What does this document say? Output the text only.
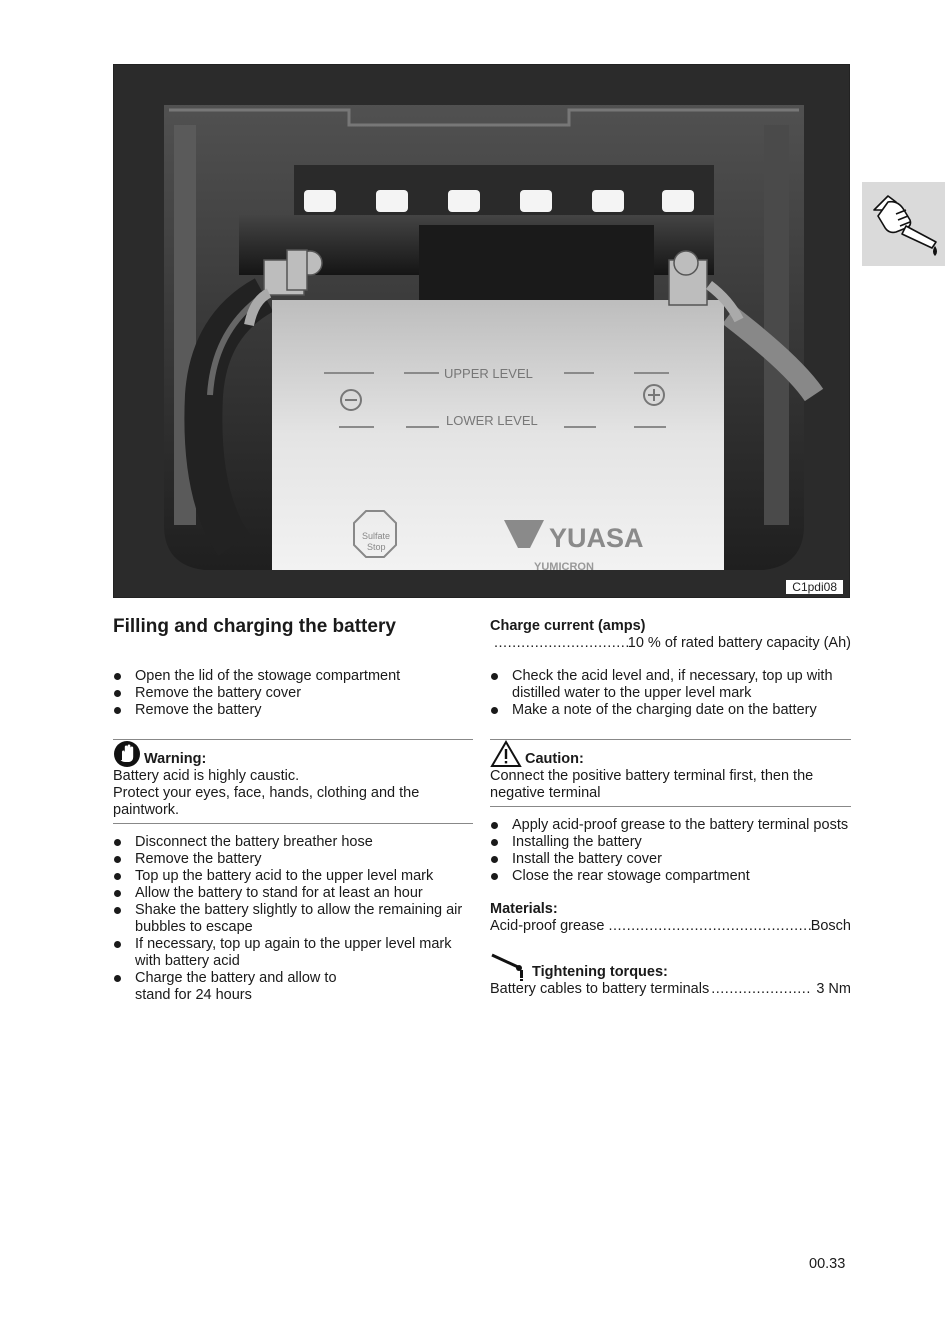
UPPER LEVEL
LOWER LEVEL
Sulfate
Stop	YUASA
YUMICRON
C1pdi08
Filling and charging the battery
Open the lid of the stowage compartment
Remove the battery cover
Remove the battery
Warning:

Battery acid is highly caustic.

Protect your eyes, face, hands, clothing and the paintwork.

Disconnect the battery breather hose
Remove the battery
Top up the battery acid to the upper level mark
Allow the battery to stand for at least an hour
Shake the battery slightly to allow the remaining air bubbles to escape
If necessary, top up again to the upper level mark with battery acid
Charge the battery and allow to stand for 24 hours
Charge current (amps)
.....
10 % of rated battery capacity (Ah)
Check the acid level and, if necessary, top up with distilled water to the upper level mark
Make a note of the charging date on the battery
Caution:

Connect the positive battery terminal first, then the negative terminal

Apply acid-proof grease to the battery terminal posts
Installing the battery
Install the battery cover
Close the rear stowage compartment
Materials:
Acid-proof grease .....	Bosch
Tightening torques:
Battery cables to battery terminals .....	3 Nm
00.33
